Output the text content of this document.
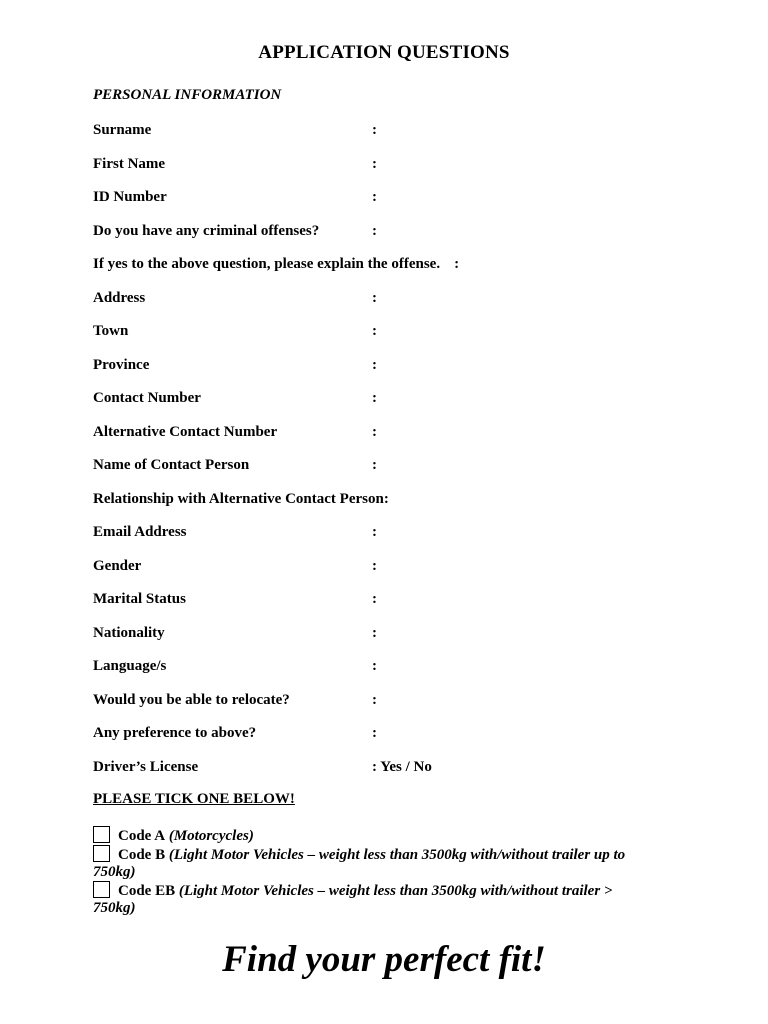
APPLICATION QUESTIONS
PERSONAL INFORMATION
Surname	:
First Name	:
ID Number	:
Do you have any criminal offenses?	:
If yes to the above question, please explain the offense. :
Address	:
Town	:
Province	:
Contact Number	:
Alternative Contact Number	:
Name of Contact Person	:
Relationship with Alternative Contact Person:
Email Address	:
Gender	:
Marital Status	:
Nationality	:
Language/s	:
Would you be able to relocate?	:
Any preference to above?	:
Driver’s License	: Yes / No
PLEASE TICK ONE BELOW!
Code A (Motorcycles)
Code B (Light Motor Vehicles – weight less than 3500kg with/without trailer up to 750kg)
Code EB (Light Motor Vehicles – weight less than 3500kg with/without trailer > 750kg)
Find your perfect fit!
